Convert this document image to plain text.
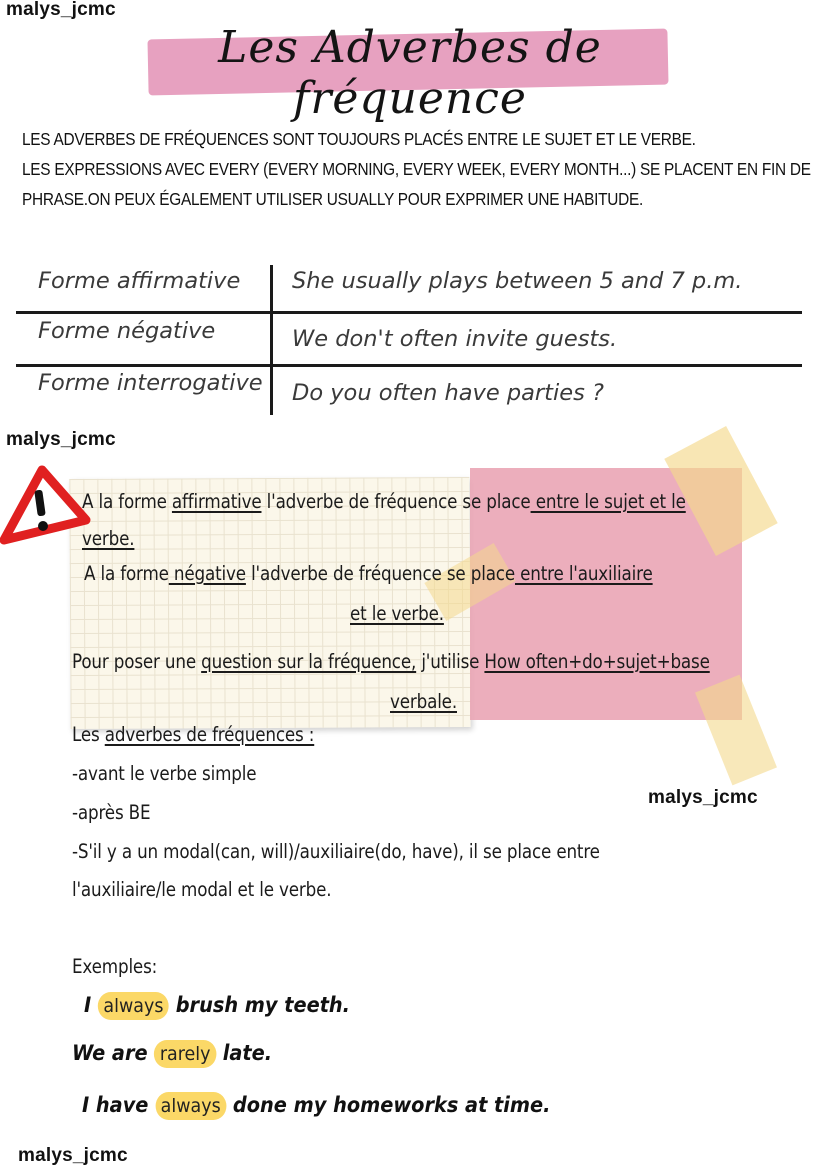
malys_jcmc
malys_jcmc
malys_jcmc
malys_jcmc
Les Adverbes de fréquence
LES ADVERBES DE FRÉQUENCES SONT TOUJOURS PLACÉS ENTRE LE SUJET ET LE VERBE.
LES EXPRESSIONS AVEC EVERY (EVERY MORNING, EVERY WEEK, EVERY MONTH...) SE PLACENT EN FIN DE
PHRASE.ON PEUX ÉGALEMENT UTILISER USUALLY POUR EXPRIMER UNE HABITUDE.
Forme affirmative She usually plays between 5 and 7 p.m.
Forme négative	We don't often invite guests.
Forme interrogative Do you often have parties ?
A la forme affirmative l'adverbe de fréquence se place entre le sujet et le
verbe.
A la forme négative l'adverbe de fréquence se place entre l'auxiliaire
et le verbe.
Pour poser une question sur la fréquence, j'utilise How often+do+sujet+base
verbale.
Les adverbes de fréquences :
-avant le verbe simple
-après BE
-S'il y a un modal(can, will)/auxiliaire(do, have), il se place entre
l'auxiliaire/le modal et le verbe.
Exemples:
I always brush my teeth.
We are rarely late.
I have always done my homeworks at time.
